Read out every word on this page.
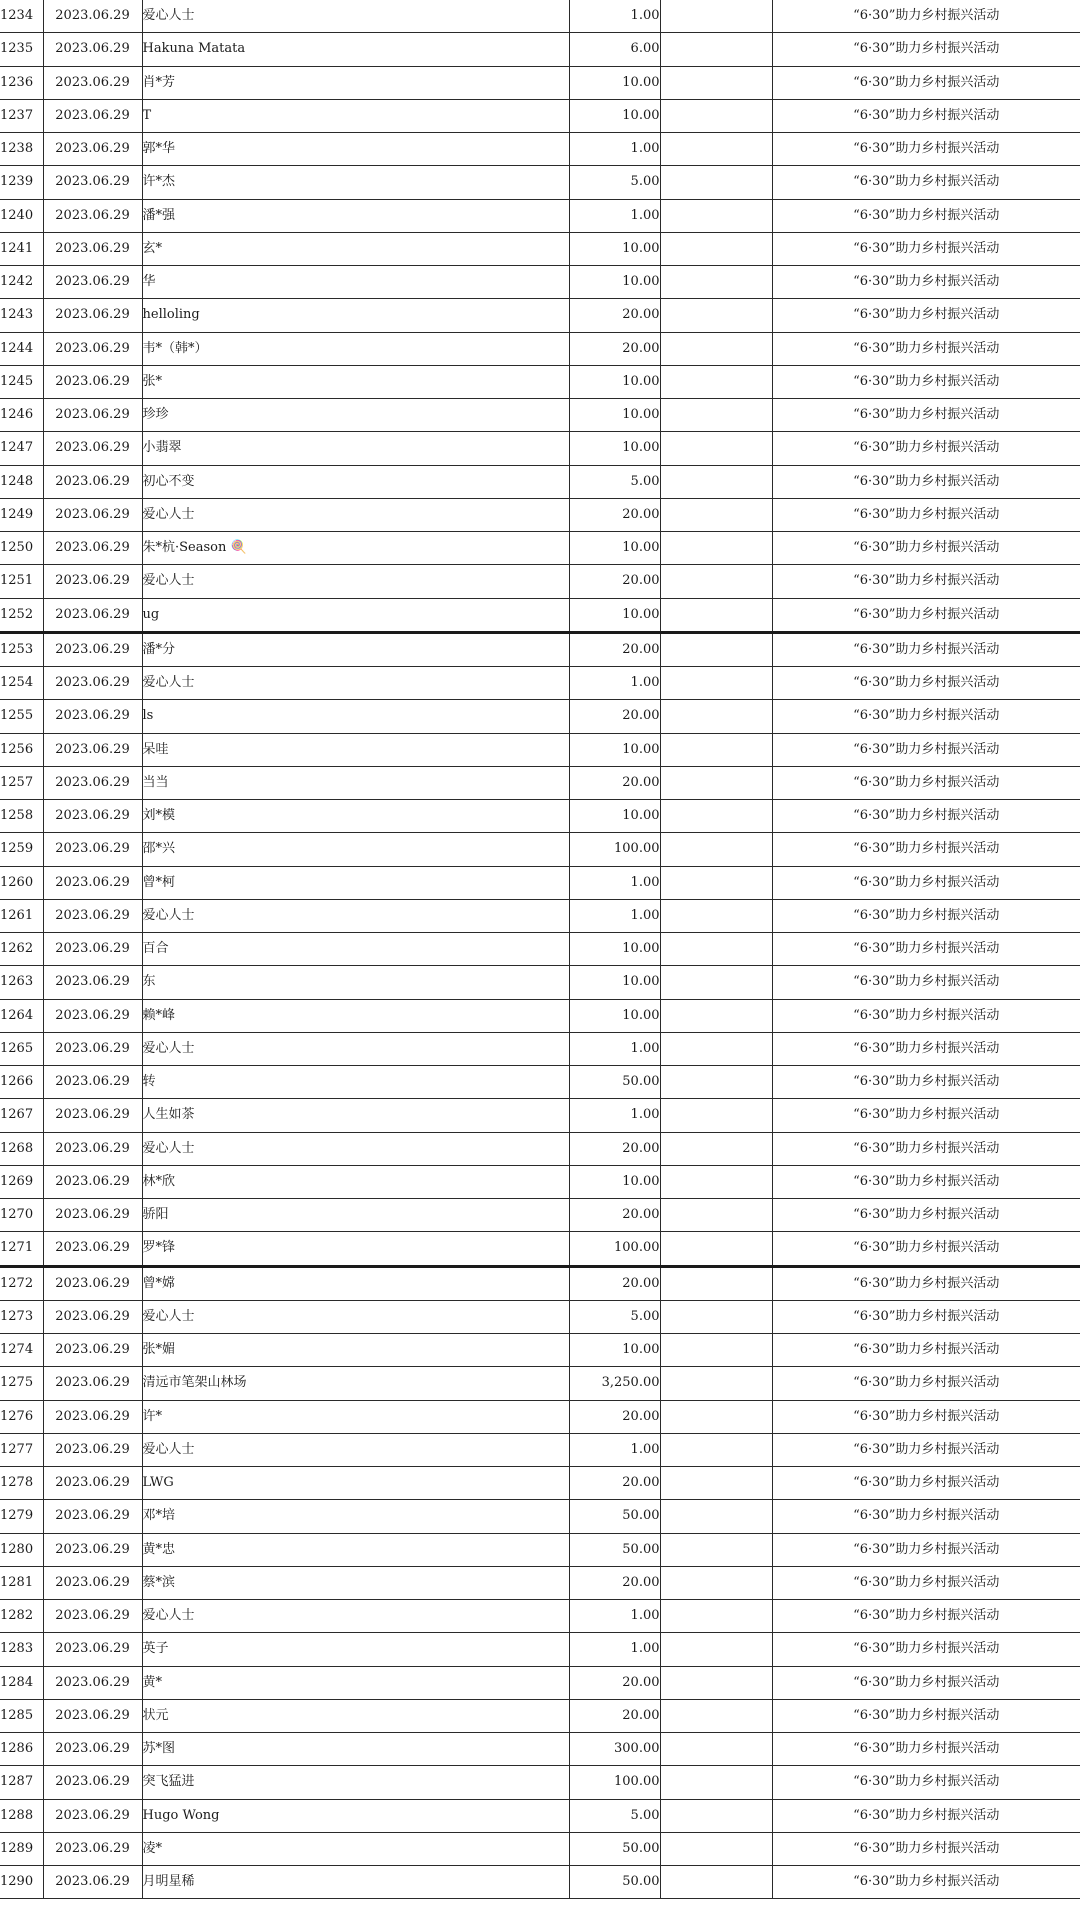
1234	2023.06.29	爱心人士	1.00		“6·30”助力乡村振兴活动
1235	2023.06.29	Hakuna Matata	6.00		“6·30”助力乡村振兴活动
1236	2023.06.29	肖*芳	10.00		“6·30”助力乡村振兴活动
1237	2023.06.29	T	10.00		“6·30”助力乡村振兴活动
1238	2023.06.29	郭*华	1.00		“6·30”助力乡村振兴活动
1239	2023.06.29	许*杰	5.00		“6·30”助力乡村振兴活动
1240	2023.06.29	潘*强	1.00		“6·30”助力乡村振兴活动
1241	2023.06.29	玄*	10.00		“6·30”助力乡村振兴活动
1242	2023.06.29	华	10.00		“6·30”助力乡村振兴活动
1243	2023.06.29	helloling	20.00		“6·30”助力乡村振兴活动
1244	2023.06.29	韦*（韩*）	20.00		“6·30”助力乡村振兴活动
1245	2023.06.29	张*	10.00		“6·30”助力乡村振兴活动
1246	2023.06.29	珍珍	10.00		“6·30”助力乡村振兴活动
1247	2023.06.29	小翡翠	10.00		“6·30”助力乡村振兴活动
1248	2023.06.29	初心不变	5.00		“6·30”助力乡村振兴活动
1249	2023.06.29	爱心人士	20.00		“6·30”助力乡村振兴活动
1250	2023.06.29	朱*杭·Season 🍭	10.00		“6·30”助力乡村振兴活动
1251	2023.06.29	爱心人士	20.00		“6·30”助力乡村振兴活动
1252	2023.06.29	ug	10.00		“6·30”助力乡村振兴活动
1253	2023.06.29	潘*分	20.00		“6·30”助力乡村振兴活动
1254	2023.06.29	爱心人士	1.00		“6·30”助力乡村振兴活动
1255	2023.06.29	ls	20.00		“6·30”助力乡村振兴活动
1256	2023.06.29	呆哇	10.00		“6·30”助力乡村振兴活动
1257	2023.06.29	当当	20.00		“6·30”助力乡村振兴活动
1258	2023.06.29	刘*模	10.00		“6·30”助力乡村振兴活动
1259	2023.06.29	邵*兴	100.00		“6·30”助力乡村振兴活动
1260	2023.06.29	曾*柯	1.00		“6·30”助力乡村振兴活动
1261	2023.06.29	爱心人士	1.00		“6·30”助力乡村振兴活动
1262	2023.06.29	百合	10.00		“6·30”助力乡村振兴活动
1263	2023.06.29	东	10.00		“6·30”助力乡村振兴活动
1264	2023.06.29	赖*峰	10.00		“6·30”助力乡村振兴活动
1265	2023.06.29	爱心人士	1.00		“6·30”助力乡村振兴活动
1266	2023.06.29	转	50.00		“6·30”助力乡村振兴活动
1267	2023.06.29	人生如茶	1.00		“6·30”助力乡村振兴活动
1268	2023.06.29	爱心人士	20.00		“6·30”助力乡村振兴活动
1269	2023.06.29	林*欣	10.00		“6·30”助力乡村振兴活动
1270	2023.06.29	骄阳	20.00		“6·30”助力乡村振兴活动
1271	2023.06.29	罗*锋	100.00		“6·30”助力乡村振兴活动
1272	2023.06.29	曾*嫦	20.00		“6·30”助力乡村振兴活动
1273	2023.06.29	爱心人士	5.00		“6·30”助力乡村振兴活动
1274	2023.06.29	张*媚	10.00		“6·30”助力乡村振兴活动
1275	2023.06.29	清远市笔架山林场	3,250.00		“6·30”助力乡村振兴活动
1276	2023.06.29	许*	20.00		“6·30”助力乡村振兴活动
1277	2023.06.29	爱心人士	1.00		“6·30”助力乡村振兴活动
1278	2023.06.29	LWG	20.00		“6·30”助力乡村振兴活动
1279	2023.06.29	邓*培	50.00		“6·30”助力乡村振兴活动
1280	2023.06.29	黄*忠	50.00		“6·30”助力乡村振兴活动
1281	2023.06.29	蔡*滨	20.00		“6·30”助力乡村振兴活动
1282	2023.06.29	爱心人士	1.00		“6·30”助力乡村振兴活动
1283	2023.06.29	英子	1.00		“6·30”助力乡村振兴活动
1284	2023.06.29	黄*	20.00		“6·30”助力乡村振兴活动
1285	2023.06.29	状元	20.00		“6·30”助力乡村振兴活动
1286	2023.06.29	苏*图	300.00		“6·30”助力乡村振兴活动
1287	2023.06.29	突飞猛进	100.00		“6·30”助力乡村振兴活动
1288	2023.06.29	Hugo Wong	5.00		“6·30”助力乡村振兴活动
1289	2023.06.29	凌*	50.00		“6·30”助力乡村振兴活动
1290	2023.06.29	月明星稀	50.00		“6·30”助力乡村振兴活动
